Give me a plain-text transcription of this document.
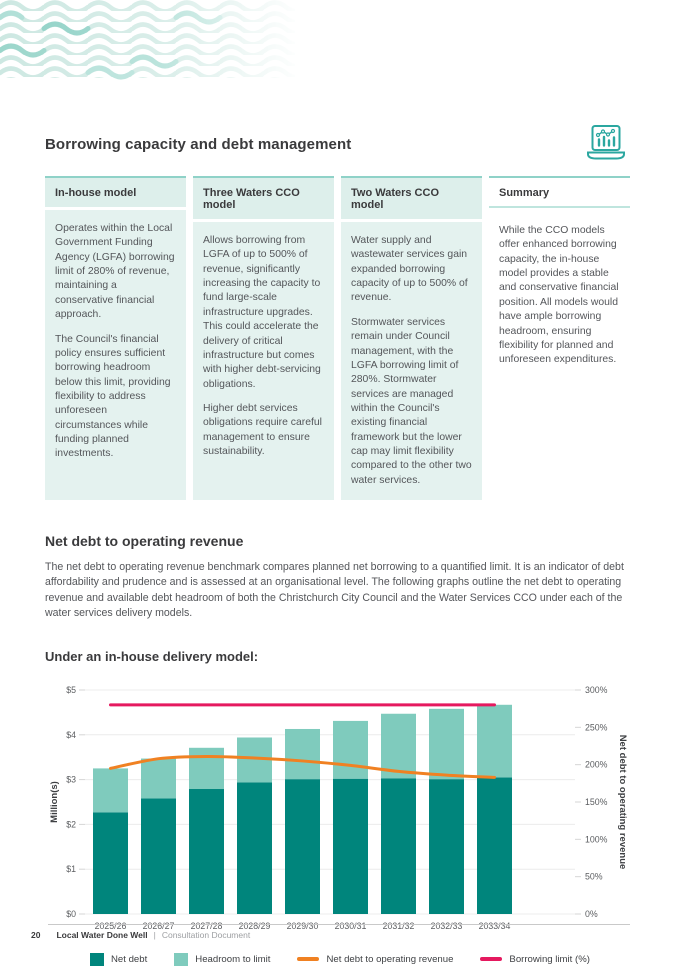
Borrowing capacity and debt management
In-house model

Operates within the Local Government Funding Agency (LGFA) borrowing limit of 280% of revenue, maintaining a conservative financial approach.

The Council's financial policy ensures sufficient borrowing headroom below this limit, providing flexibility to address unforeseen circumstances while funding planned investments.

Three Waters CCO model

Allows borrowing from LGFA of up to 500% of revenue, significantly increasing the capacity to fund large-scale infrastructure upgrades. This could accelerate the delivery of critical infrastructure but comes with higher debt-servicing obligations.

Higher debt services obligations require careful management to ensure sustainability.

Two Waters CCO model

Water supply and wastewater services gain expanded borrowing capacity of up to 500% of revenue.

Stormwater services remain under Council management, with the LGFA borrowing limit of 280%. Stormwater services are managed within the Council's existing financial framework but the lower cap may limit flexibility compared to the other two water services.

Summary

While the CCO models offer enhanced borrowing capacity, the in-house model provides a stable and conservative financial position. All models would have ample borrowing headroom, ensuring flexibility for planned and unforeseen expenditures.

Net debt to operating revenue

The net debt to operating revenue benchmark compares planned net borrowing to a quantified limit. It is an indicator of debt affordability and prudence and is assessed at an organisational level. The following graphs outline the net debt to operating revenue and available debt headroom of both the Christchurch City Council and the Water Services CCO under each of the water services delivery models.

Under an in-house delivery model:
$0
$1
$2
$3
$4
$5
0%
50%
100%
150%
200%
250%
300%
2025/26 2026/27 2027/28 2028/29 2029/30 2030/31 2031/32 2032/33 2033/34
Million(s)	Net debt to operating revenue
Net debt	Headroom to limit	Net debt to operating revenue	Borrowing limit (%)
20 Local Water Done Well | Consultation Document
